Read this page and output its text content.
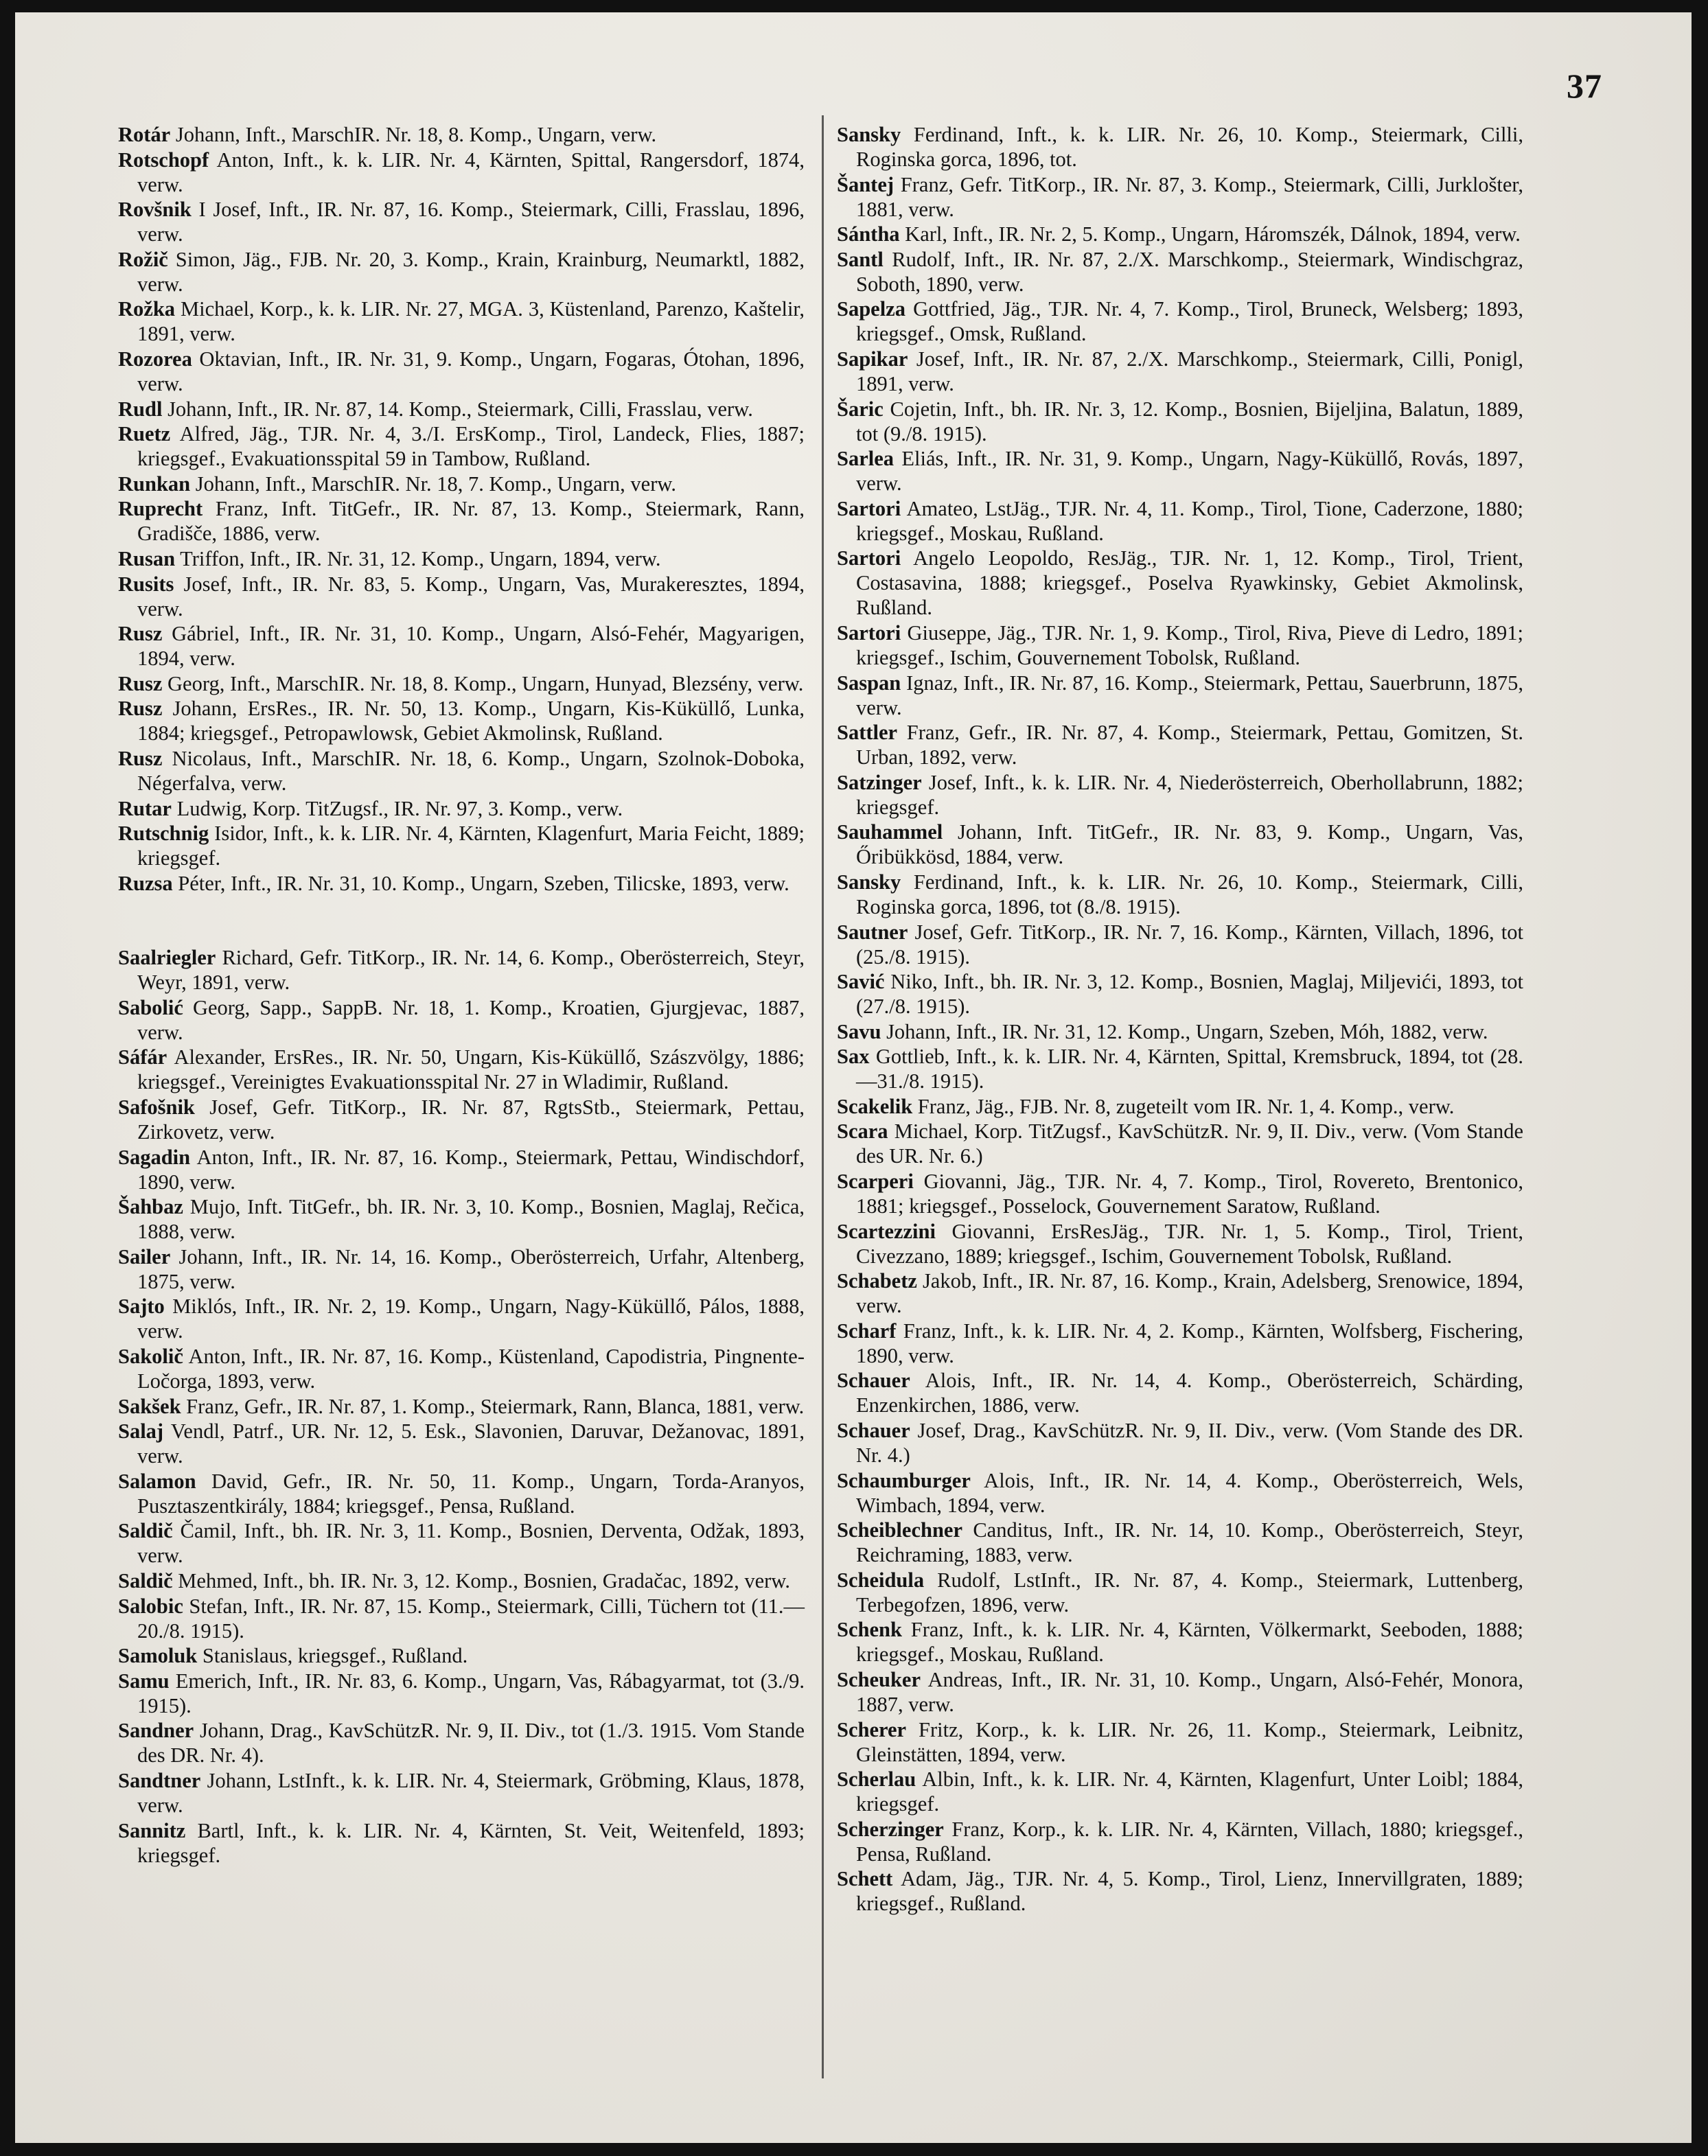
37
Rotár Johann, Inft., MarschIR. Nr. 18, 8. Komp., Ungarn, verw.
Rotschopf Anton, Inft., k. k. LIR. Nr. 4, Kärnten, Spittal, Rangersdorf, 1874, verw.
Rovšnik I Josef, Inft., IR. Nr. 87, 16. Komp., Steiermark, Cilli, Frasslau, 1896, verw.
Rožič Simon, Jäg., FJB. Nr. 20, 3. Komp., Krain, Krainburg, Neumarktl, 1882, verw.
Rožka Michael, Korp., k. k. LIR. Nr. 27, MGA. 3, Küstenland, Parenzo, Kaštelir, 1891, verw.
Rozorea Oktavian, Inft., IR. Nr. 31, 9. Komp., Ungarn, Fogaras, Ótohan, 1896, verw.
Rudl Johann, Inft., IR. Nr. 87, 14. Komp., Steiermark, Cilli, Frasslau, verw.
Ruetz Alfred, Jäg., TJR. Nr. 4, 3./I. ErsKomp., Tirol, Landeck, Flies, 1887; kriegsgef., Evakuationsspital 59 in Tambow, Rußland.
Runkan Johann, Inft., MarschIR. Nr. 18, 7. Komp., Ungarn, verw.
Ruprecht Franz, Inft. TitGefr., IR. Nr. 87, 13. Komp., Steiermark, Rann, Gradišče, 1886, verw.
Rusan Triffon, Inft., IR. Nr. 31, 12. Komp., Ungarn, 1894, verw.
Rusits Josef, Inft., IR. Nr. 83, 5. Komp., Ungarn, Vas, Murakeresztes, 1894, verw.
Rusz Gábriel, Inft., IR. Nr. 31, 10. Komp., Ungarn, Alsó-Fehér, Magyarigen, 1894, verw.
Rusz Georg, Inft., MarschIR. Nr. 18, 8. Komp., Ungarn, Hunyad, Blezsény, verw.
Rusz Johann, ErsRes., IR. Nr. 50, 13. Komp., Ungarn, Kis-Küküllő, Lunka, 1884; kriegsgef., Petropawlowsk, Gebiet Akmolinsk, Rußland.
Rusz Nicolaus, Inft., MarschIR. Nr. 18, 6. Komp., Ungarn, Szolnok-Doboka, Négerfalva, verw.
Rutar Ludwig, Korp. TitZugsf., IR. Nr. 97, 3. Komp., verw.
Rutschnig Isidor, Inft., k. k. LIR. Nr. 4, Kärnten, Klagenfurt, Maria Feicht, 1889; kriegsgef.
Ruzsa Péter, Inft., IR. Nr. 31, 10. Komp., Ungarn, Szeben, Tilicske, 1893, verw.
Saalriegler Richard, Gefr. TitKorp., IR. Nr. 14, 6. Komp., Oberösterreich, Steyr, Weyr, 1891, verw.
Sabolić Georg, Sapp., SappB. Nr. 18, 1. Komp., Kroatien, Gjurgjevac, 1887, verw.
Sáfár Alexander, ErsRes., IR. Nr. 50, Ungarn, Kis-Küküllő, Szászvölgy, 1886; kriegsgef., Vereinigtes Evakuationsspital Nr. 27 in Wladimir, Rußland.
Safošnik Josef, Gefr. TitKorp., IR. Nr. 87, RgtsStb., Steiermark, Pettau, Zirkovetz, verw.
Sagadin Anton, Inft., IR. Nr. 87, 16. Komp., Steiermark, Pettau, Windischdorf, 1890, verw.
Šahbaz Mujo, Inft. TitGefr., bh. IR. Nr. 3, 10. Komp., Bosnien, Maglaj, Rečica, 1888, verw.
Sailer Johann, Inft., IR. Nr. 14, 16. Komp., Oberösterreich, Urfahr, Altenberg, 1875, verw.
Sajto Miklós, Inft., IR. Nr. 2, 19. Komp., Ungarn, Nagy-Küküllő, Pálos, 1888, verw.
Sakolič Anton, Inft., IR. Nr. 87, 16. Komp., Küstenland, Capodistria, Pingnente-Ločorga, 1893, verw.
Sakšek Franz, Gefr., IR. Nr. 87, 1. Komp., Steiermark, Rann, Blanca, 1881, verw.
Salaj Vendl, Patrf., UR. Nr. 12, 5. Esk., Slavonien, Daruvar, Dežanovac, 1891, verw.
Salamon David, Gefr., IR. Nr. 50, 11. Komp., Ungarn, Torda-Aranyos, Pusztaszentkirály, 1884; kriegsgef., Pensa, Rußland.
Saldič Čamil, Inft., bh. IR. Nr. 3, 11. Komp., Bosnien, Derventa, Odžak, 1893, verw.
Saldič Mehmed, Inft., bh. IR. Nr. 3, 12. Komp., Bosnien, Gradačac, 1892, verw.
Salobic Stefan, Inft., IR. Nr. 87, 15. Komp., Steiermark, Cilli, Tüchern tot (11.—20./8. 1915).
Samoluk Stanislaus, kriegsgef., Rußland.
Samu Emerich, Inft., IR. Nr. 83, 6. Komp., Ungarn, Vas, Rábagyarmat, tot (3./9. 1915).
Sandner Johann, Drag., KavSchützR. Nr. 9, II. Div., tot (1./3. 1915. Vom Stande des DR. Nr. 4).
Sandtner Johann, LstInft., k. k. LIR. Nr. 4, Steiermark, Gröbming, Klaus, 1878, verw.
Sannitz Bartl, Inft., k. k. LIR. Nr. 4, Kärnten, St. Veit, Weitenfeld, 1893; kriegsgef.
Sansky Ferdinand, Inft., k. k. LIR. Nr. 26, 10. Komp., Steiermark, Cilli, Roginska gorca, 1896, tot.
Šantej Franz, Gefr. TitKorp., IR. Nr. 87, 3. Komp., Steiermark, Cilli, Jurklošter, 1881, verw.
Sántha Karl, Inft., IR. Nr. 2, 5. Komp., Ungarn, Háromszék, Dálnok, 1894, verw.
Santl Rudolf, Inft., IR. Nr. 87, 2./X. Marschkomp., Steiermark, Windischgraz, Soboth, 1890, verw.
Sapelza Gottfried, Jäg., TJR. Nr. 4, 7. Komp., Tirol, Bruneck, Welsberg; 1893, kriegsgef., Omsk, Rußland.
Sapikar Josef, Inft., IR. Nr. 87, 2./X. Marschkomp., Steiermark, Cilli, Ponigl, 1891, verw.
Šaric Cojetin, Inft., bh. IR. Nr. 3, 12. Komp., Bosnien, Bijeljina, Balatun, 1889, tot (9./8. 1915).
Sarlea Eliás, Inft., IR. Nr. 31, 9. Komp., Ungarn, Nagy-Küküllő, Rovás, 1897, verw.
Sartori Amateo, LstJäg., TJR. Nr. 4, 11. Komp., Tirol, Tione, Caderzone, 1880; kriegsgef., Moskau, Rußland.
Sartori Angelo Leopoldo, ResJäg., TJR. Nr. 1, 12. Komp., Tirol, Trient, Costasavina, 1888; kriegsgef., Poselva Ryawkinsky, Gebiet Akmolinsk, Rußland.
Sartori Giuseppe, Jäg., TJR. Nr. 1, 9. Komp., Tirol, Riva, Pieve di Ledro, 1891; kriegsgef., Ischim, Gouvernement Tobolsk, Rußland.
Saspan Ignaz, Inft., IR. Nr. 87, 16. Komp., Steiermark, Pettau, Sauerbrunn, 1875, verw.
Sattler Franz, Gefr., IR. Nr. 87, 4. Komp., Steiermark, Pettau, Gomitzen, St. Urban, 1892, verw.
Satzinger Josef, Inft., k. k. LIR. Nr. 4, Niederösterreich, Oberhollabrunn, 1882; kriegsgef.
Sauhammel Johann, Inft. TitGefr., IR. Nr. 83, 9. Komp., Ungarn, Vas, Őribükkösd, 1884, verw.
Sansky Ferdinand, Inft., k. k. LIR. Nr. 26, 10. Komp., Steiermark, Cilli, Roginska gorca, 1896, tot (8./8. 1915).
Sautner Josef, Gefr. TitKorp., IR. Nr. 7, 16. Komp., Kärnten, Villach, 1896, tot (25./8. 1915).
Savić Niko, Inft., bh. IR. Nr. 3, 12. Komp., Bosnien, Maglaj, Miljevići, 1893, tot (27./8. 1915).
Savu Johann, Inft., IR. Nr. 31, 12. Komp., Ungarn, Szeben, Móh, 1882, verw.
Sax Gottlieb, Inft., k. k. LIR. Nr. 4, Kärnten, Spittal, Kremsbruck, 1894, tot (28.—31./8. 1915).
Scakelik Franz, Jäg., FJB. Nr. 8, zugeteilt vom IR. Nr. 1, 4. Komp., verw.
Scara Michael, Korp. TitZugsf., KavSchützR. Nr. 9, II. Div., verw. (Vom Stande des UR. Nr. 6.)
Scarperi Giovanni, Jäg., TJR. Nr. 4, 7. Komp., Tirol, Rovereto, Brentonico, 1881; kriegsgef., Posselock, Gouvernement Saratow, Rußland.
Scartezzini Giovanni, ErsResJäg., TJR. Nr. 1, 5. Komp., Tirol, Trient, Civezzano, 1889; kriegsgef., Ischim, Gouvernement Tobolsk, Rußland.
Schabetz Jakob, Inft., IR. Nr. 87, 16. Komp., Krain, Adelsberg, Srenowice, 1894, verw.
Scharf Franz, Inft., k. k. LIR. Nr. 4, 2. Komp., Kärnten, Wolfsberg, Fischering, 1890, verw.
Schauer Alois, Inft., IR. Nr. 14, 4. Komp., Oberösterreich, Schärding, Enzenkirchen, 1886, verw.
Schauer Josef, Drag., KavSchützR. Nr. 9, II. Div., verw. (Vom Stande des DR. Nr. 4.)
Schaumburger Alois, Inft., IR. Nr. 14, 4. Komp., Oberösterreich, Wels, Wimbach, 1894, verw.
Scheiblechner Canditus, Inft., IR. Nr. 14, 10. Komp., Oberösterreich, Steyr, Reichraming, 1883, verw.
Scheidula Rudolf, LstInft., IR. Nr. 87, 4. Komp., Steiermark, Luttenberg, Terbegofzen, 1896, verw.
Schenk Franz, Inft., k. k. LIR. Nr. 4, Kärnten, Völkermarkt, Seeboden, 1888; kriegsgef., Moskau, Rußland.
Scheuker Andreas, Inft., IR. Nr. 31, 10. Komp., Ungarn, Alsó-Fehér, Monora, 1887, verw.
Scherer Fritz, Korp., k. k. LIR. Nr. 26, 11. Komp., Steiermark, Leibnitz, Gleinstätten, 1894, verw.
Scherlau Albin, Inft., k. k. LIR. Nr. 4, Kärnten, Klagenfurt, Unter Loibl; 1884, kriegsgef.
Scherzinger Franz, Korp., k. k. LIR. Nr. 4, Kärnten, Villach, 1880; kriegsgef., Pensa, Rußland.
Schett Adam, Jäg., TJR. Nr. 4, 5. Komp., Tirol, Lienz, Innervillgraten, 1889; kriegsgef., Rußland.
